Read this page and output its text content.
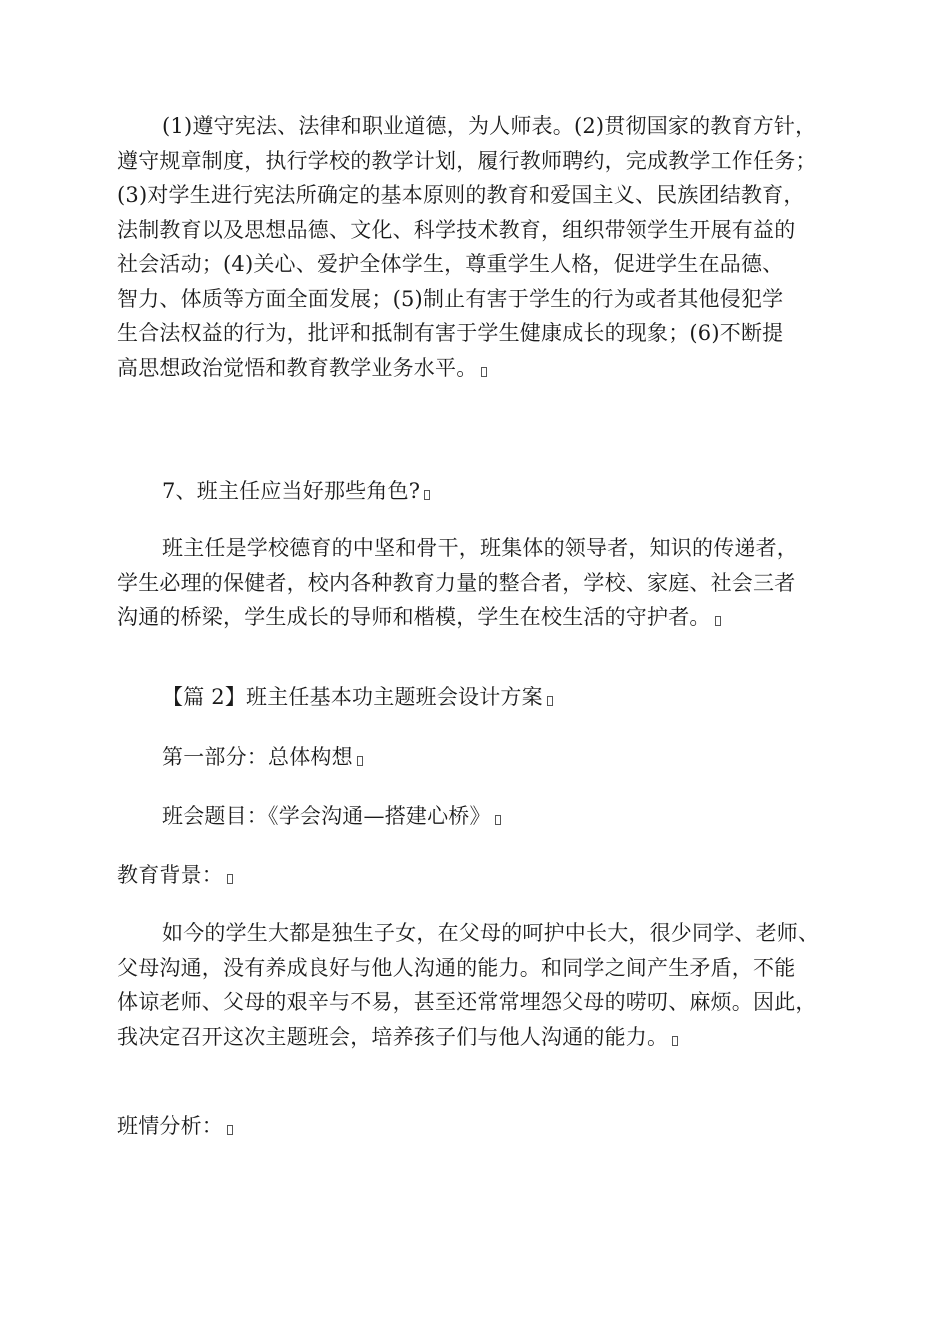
(1)遵守宪法、法律和职业道德，为人师表。(2)贯彻国家的教育方针，
遵守规章制度，执行学校的教学计划，履行教师聘约，完成教学工作任务；
(3)对学生进行宪法所确定的基本原则的教育和爱国主义、民族团结教育，
法制教育以及思想品德、文化、科学技术教育，组织带领学生开展有益的
社会活动；(4)关心、爱护全体学生，尊重学生人格，促进学生在品德、
智力、体质等方面全面发展；(5)制止有害于学生的行为或者其他侵犯学
生合法权益的行为，批评和抵制有害于学生健康成长的现象；(6)不断提
高思想政治觉悟和教育教学业务水平。
7、班主任应当好那些角色?
班主任是学校德育的中坚和骨干，班集体的领导者，知识的传递者，
学生必理的保健者，校内各种教育力量的整合者，学校、家庭、社会三者
沟通的桥梁，学生成长的导师和楷模，学生在校生活的守护者。
【篇 2】班主任基本功主题班会设计方案
第一部分：总体构想
班会题目：《学会沟通—搭建心桥》
教育背景：
如今的学生大都是独生子女，在父母的呵护中长大，很少同学、老师、
父母沟通，没有养成良好与他人沟通的能力。和同学之间产生矛盾，不能
体谅老师、父母的艰辛与不易，甚至还常常埋怨父母的唠叨、麻烦。因此，
我决定召开这次主题班会，培养孩子们与他人沟通的能力。
班情分析：
